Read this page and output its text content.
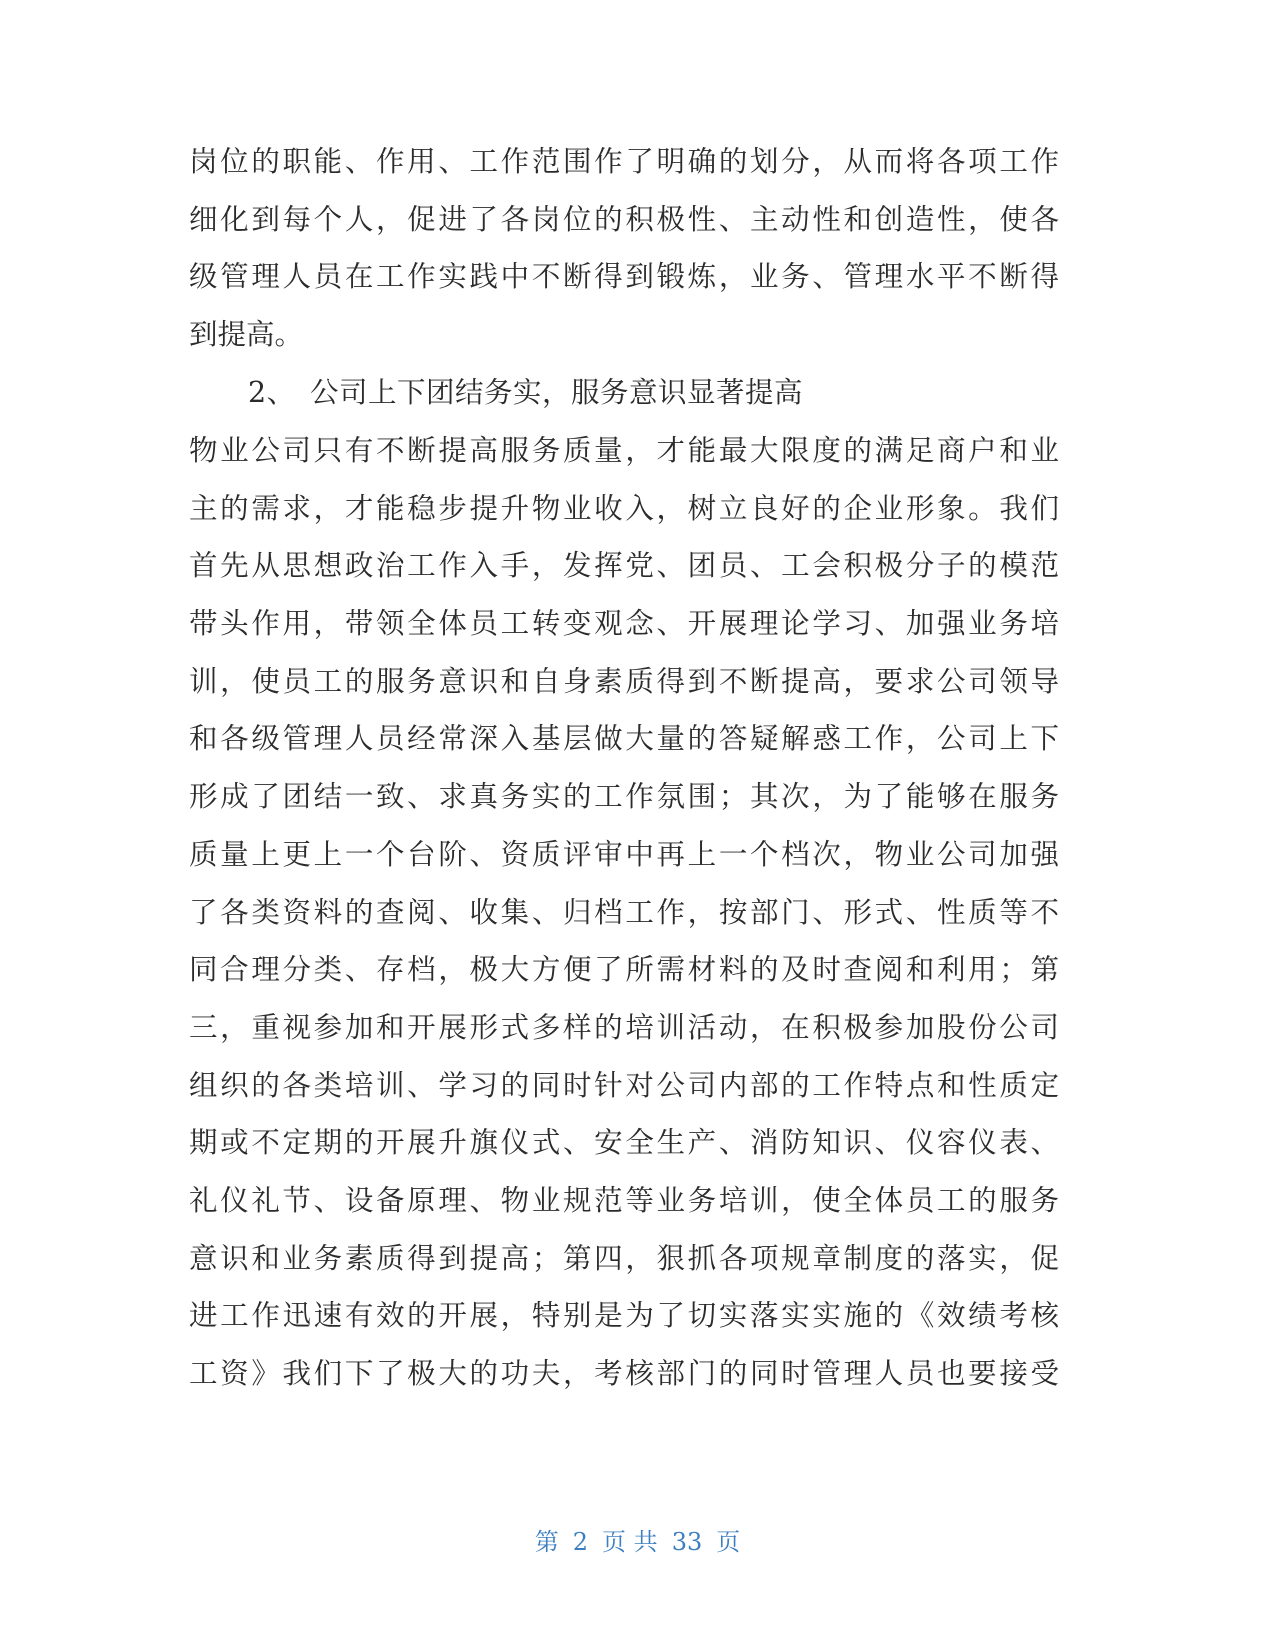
岗位的职能、作用、工作范围作了明确的划分，从而将各项工作
细化到每个人，促进了各岗位的积极性、主动性和创造性，使各
级管理人员在工作实践中不断得到锻炼，业务、管理水平不断得
到提高。
2、 公司上下团结务实，服务意识显著提高
物业公司只有不断提高服务质量，才能最大限度的满足商户和业
主的需求，才能稳步提升物业收入，树立良好的企业形象。我们
首先从思想政治工作入手，发挥党、团员、工会积极分子的模范
带头作用，带领全体员工转变观念、开展理论学习、加强业务培
训，使员工的服务意识和自身素质得到不断提高，要求公司领导
和各级管理人员经常深入基层做大量的答疑解惑工作，公司上下
形成了团结一致、求真务实的工作氛围；其次，为了能够在服务
质量上更上一个台阶、资质评审中再上一个档次，物业公司加强
了各类资料的查阅、收集、归档工作，按部门、形式、性质等不
同合理分类、存档，极大方便了所需材料的及时查阅和利用；第
三，重视参加和开展形式多样的培训活动，在积极参加股份公司
组织的各类培训、学习的同时针对公司内部的工作特点和性质定
期或不定期的开展升旗仪式、安全生产、消防知识、仪容仪表、
礼仪礼节、设备原理、物业规范等业务培训，使全体员工的服务
意识和业务素质得到提高；第四，狠抓各项规章制度的落实，促
进工作迅速有效的开展，特别是为了切实落实实施的《效绩考核
工资》我们下了极大的功夫，考核部门的同时管理人员也要接受
第 2 页 共 33 页
